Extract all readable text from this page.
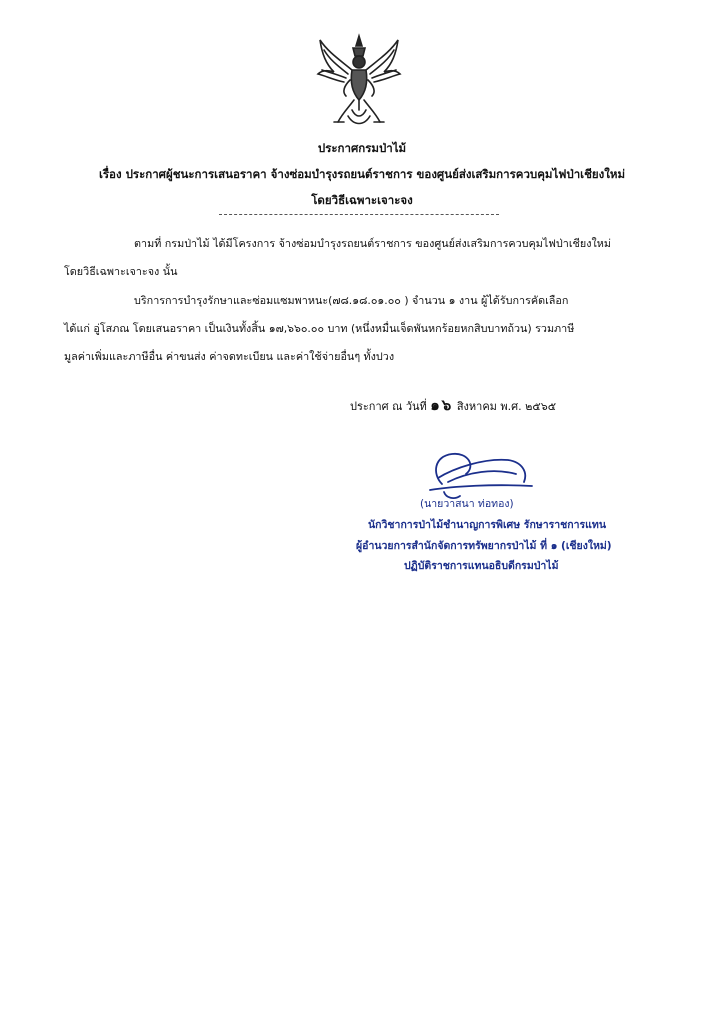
ประกาศกรมป่าไม้
เรื่อง ประกาศผู้ชนะการเสนอราคา จ้างซ่อมบำรุงรถยนต์ราชการ ของศูนย์ส่งเสริมการควบคุมไฟป่าเชียงใหม่
โดยวิธีเฉพาะเจาะจง
ตามที่ กรมป่าไม้ ได้มีโครงการ จ้างซ่อมบำรุงรถยนต์ราชการ ของศูนย์ส่งเสริมการควบคุมไฟป่าเชียงใหม่
โดยวิธีเฉพาะเจาะจง นั้น
บริการการบำรุงรักษาและซ่อมแซมพาหนะ(๗๘.๑๘.๐๑.๐๐ ) จำนวน ๑ งาน ผู้ได้รับการคัดเลือก
ได้แก่ อู่โสภณ โดยเสนอราคา เป็นเงินทั้งสิ้น ๑๗,๖๖๐.๐๐ บาท (หนึ่งหมื่นเจ็ดพันหกร้อยหกสิบบาทถ้วน) รวมภาษี
มูลค่าเพิ่มและภาษีอื่น ค่าขนส่ง ค่าจดทะเบียน และค่าใช้จ่ายอื่นๆ ทั้งปวง
ประกาศ ณ วันที่ ๑๖ สิงหาคม พ.ศ. ๒๕๖๕
(นายวาสนา ท่อทอง)
นักวิชาการป่าไม้ชำนาญการพิเศษ รักษาราชการแทน
ผู้อำนวยการสำนักจัดการทรัพยากรป่าไม้ ที่ ๑ (เชียงใหม่)
ปฏิบัติราชการแทนอธิบดีกรมป่าไม้
